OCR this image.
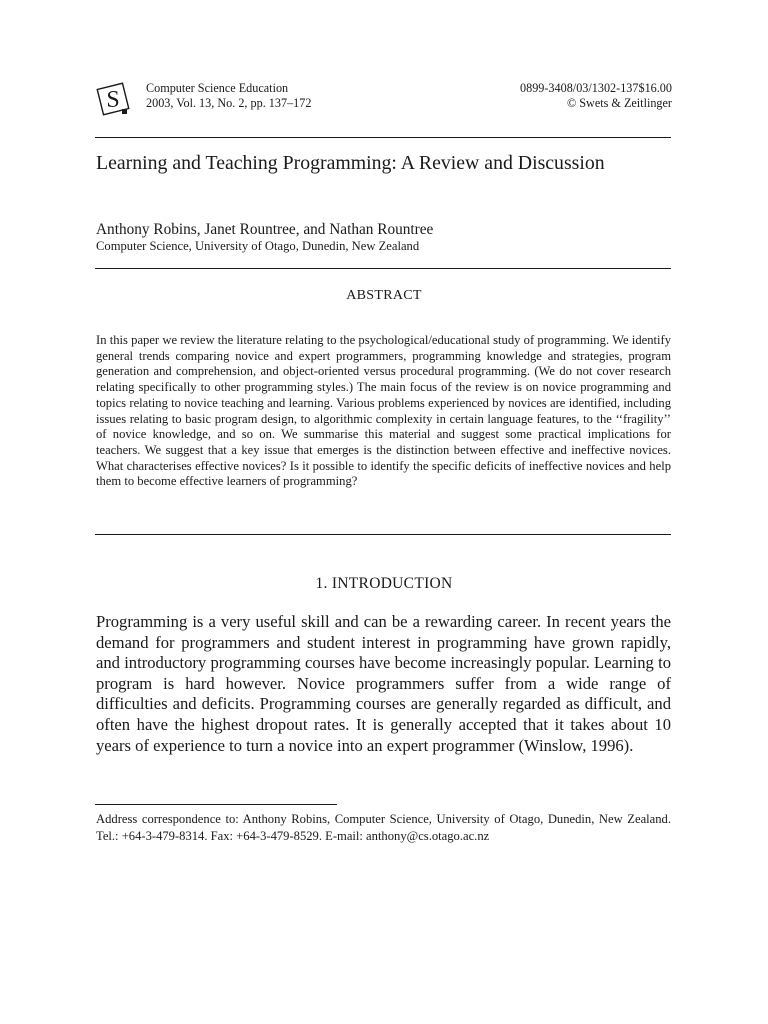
S Computer Science Education
2003, Vol. 13, No. 2, pp. 137–172
0899-3408/03/1302-137$16.00
© Swets & Zeitlinger
Learning and Teaching Programming: A Review and Discussion
Anthony Robins, Janet Rountree, and Nathan Rountree
Computer Science, University of Otago, Dunedin, New Zealand
ABSTRACT

In this paper we review the literature relating to the psychological/educational study of programming. We identify general trends comparing novice and expert programmers, programming knowledge and strategies, program generation and comprehension, and object-oriented versus procedural programming. (We do not cover research relating specifically to other programming styles.) The main focus of the review is on novice programming and topics relating to novice teaching and learning. Various problems experienced by novices are identified, including issues relating to basic program design, to algorithmic complexity in certain language features, to the ‘‘fragility’’ of novice knowledge, and so on. We summarise this material and suggest some practical implications for teachers. We suggest that a key issue that emerges is the distinction between effective and ineffective novices. What characterises effective novices? Is it possible to identify the specific deficits of ineffective novices and help them to become effective learners of programming?

1. INTRODUCTION

Programming is a very useful skill and can be a rewarding career. In recent years the demand for programmers and student interest in programming have grown rapidly, and introductory programming courses have become increasingly popular. Learning to program is hard however. Novice programmers suffer from a wide range of difficulties and deficits. Programming courses are generally regarded as difficult, and often have the highest dropout rates. It is generally accepted that it takes about 10 years of experience to turn a novice into an expert programmer (Winslow, 1996).

Address correspondence to: Anthony Robins, Computer Science, University of Otago, Dunedin, New Zealand. Tel.: +64-3-479-8314. Fax: +64-3-479-8529. E-mail: anthony@cs.otago.ac.nz
